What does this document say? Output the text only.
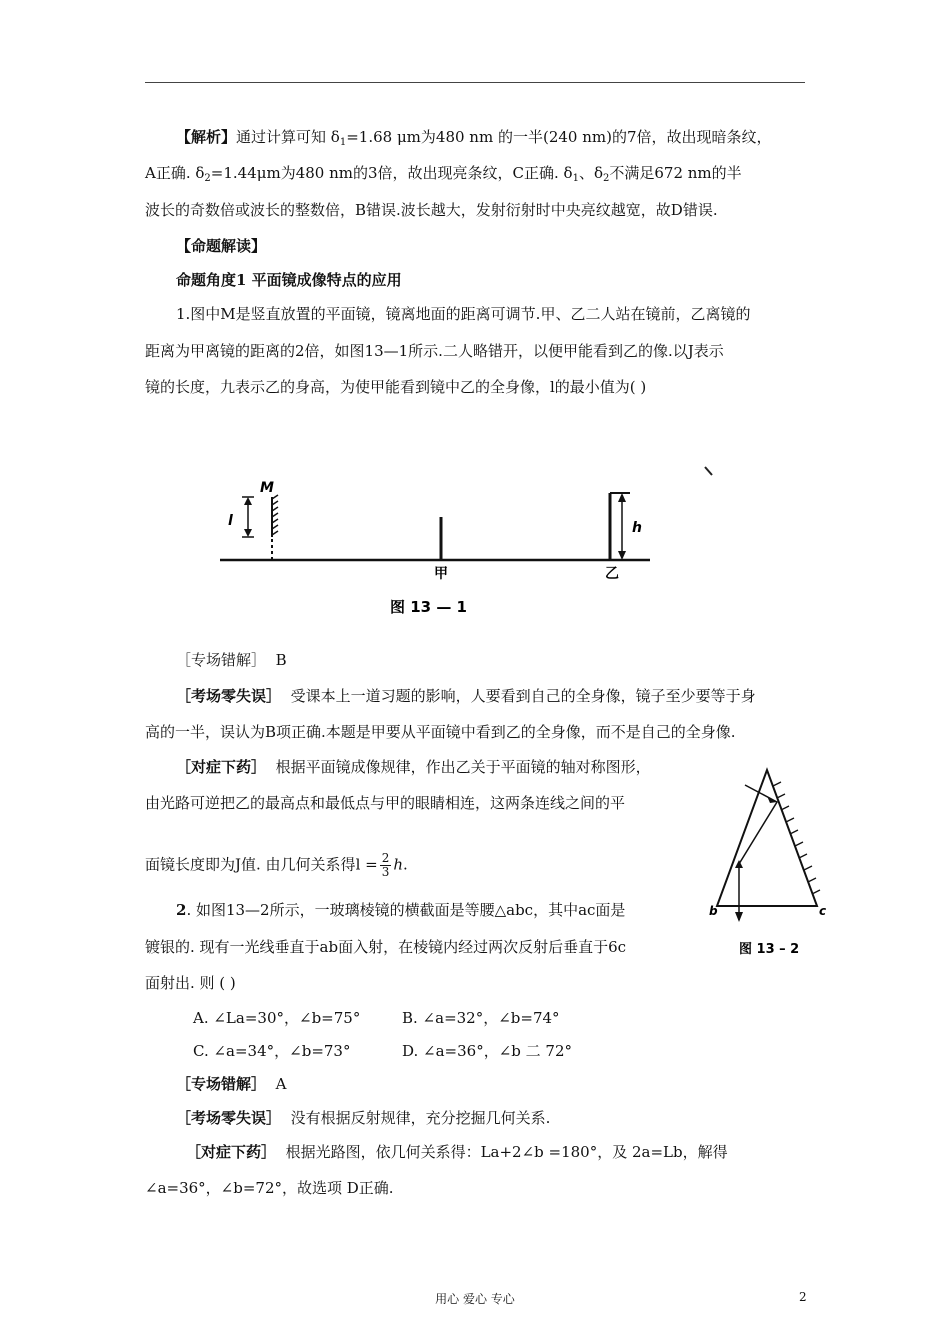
【解析】通过计算可知 $\delta_1=1.68$ μm为480 nm 的一半(240 nm)的7倍，故出现暗条纹，
A正确. $\delta_2=1.44\mu m$为480 nm的3倍，故出现亮条纹，C正确. $\delta_1$、$\delta_2$不满足672 nm的半
波长的奇数倍或波长的整数倍，B错误.波长越大，发射衍射时中央亮纹越宽，故D错误.
【命题解读】
命题角度1 平面镜成像特点的应用
1.图中M是竖直放置的平面镜，镜离地面的距离可调节.甲、乙二人站在镜前，乙离镜的
距离为甲离镜的距离的2倍，如图13—1所示.二人略错开，以便甲能看到乙的像.以J表示
镜的长度，九表示乙的身高，为使甲能看到镜中乙的全身像，l的最小值为( )
M
l
甲
h
乙
图 13 — 1
［专场错解］ B
［考场零失误］ 受课本上一道习题的影响，人要看到自己的全身像，镜子至少要等于身
高的一半，误认为B项正确.本题是甲要从平面镜中看到乙的全身像，而不是自己的全身像.
［对症下药］ 根据平面镜成像规律，作出乙关于平面镜的轴对称图形，
由光路可逆把乙的最高点和最低点与甲的眼睛相连，这两条连线之间的平
面镜长度即为J值. 由几何关系得$l = \frac{2}{3} h$.
b	c
图 13 – 2
2. 如图13—2所示，一玻璃棱镜的横截面是等腰△abc，其中ac面是
镀银的. 现有一光线垂直于ab面入射，在棱镜内经过两次反射后垂直于6c
面射出. 则 ( )
A. ∠La=30°，∠b=75°	B. ∠a=32°，∠b=74°
C. ∠a=34°，∠b=73°	D. ∠a=36°，∠b 二 72°
［专场错解］ A
［考场零失误］ 没有根据反射规律，充分挖掘几何关系.
［对症下药］ 根据光路图，依几何关系得：La+2∠b =180°，及 2a=Lb，解得
∠a=36°，∠b=72°，故选项 D正确.
用心 爱心 专心	2
